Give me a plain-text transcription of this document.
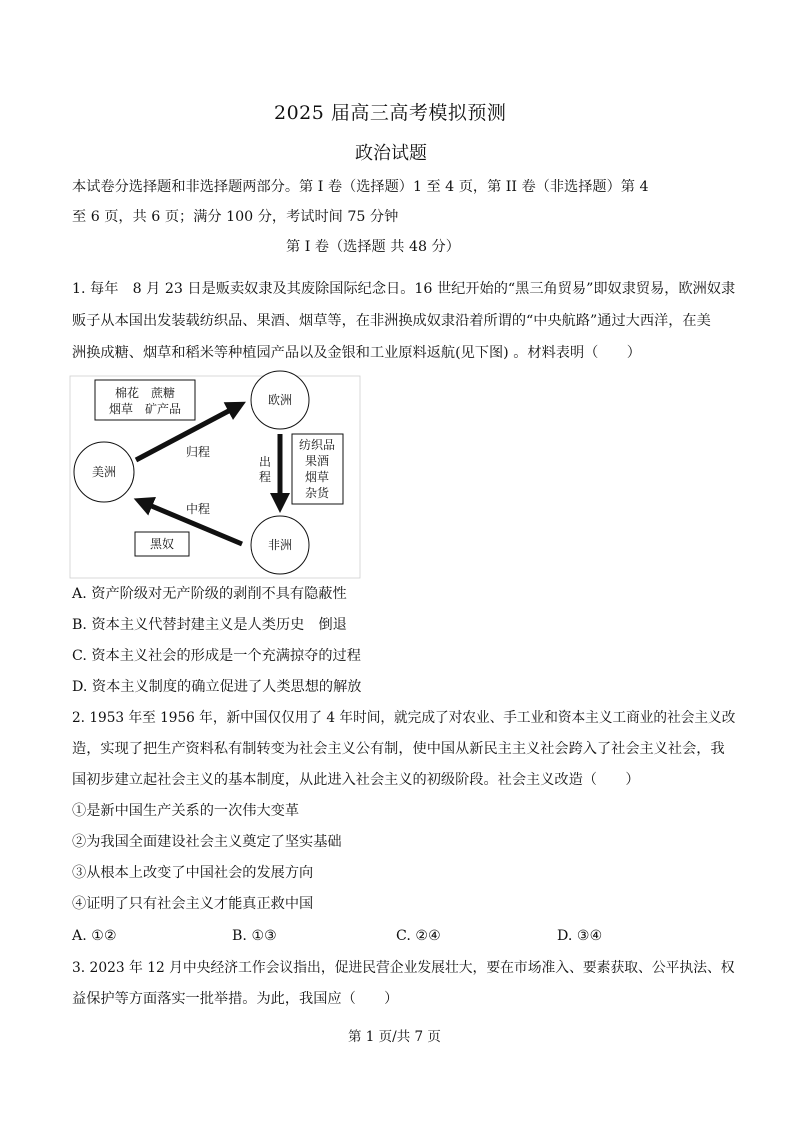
2025 届高三高考模拟预测
政治试题
本试卷分选择题和非选择题两部分。第 I 卷（选择题）1 至 4 页，第 II 卷（非选择题）第 4
至 6 页，共 6 页；满分 100 分，考试时间 75 分钟
第 I 卷（选择题 共 48 分）
1. 每年　8 月 23 日是贩卖奴隶及其废除国际纪念日。16 世纪开始的“黑三角贸易”即奴隶贸易，欧洲奴隶
贩子从本国出发装载纺织品、果酒、烟草等，在非洲换成奴隶沿着所谓的“中央航路”通过大西洋，在美
洲换成糖、烟草和稻米等种植园产品以及金银和工业原料返航(见下图) 。材料表明（　　）
美洲
欧洲
非洲
棉花　蔗糖
烟草　矿产品
纺织品
果酒
烟草
杂货
黑奴
归程
出
程
中程
A. 资产阶级对无产阶级的剥削不具有隐蔽性
B. 资本主义代替封建主义是人类历史　倒退
C. 资本主义社会的形成是一个充满掠夺的过程
D. 资本主义制度的确立促进了人类思想的解放
2. 1953 年至 1956 年，新中国仅仅用了 4 年时间，就完成了对农业、手工业和资本主义工商业的社会主义改
造，实现了把生产资料私有制转变为社会主义公有制，使中国从新民主主义社会跨入了社会主义社会，我
国初步建立起社会主义的基本制度，从此进入社会主义的初级阶段。社会主义改造（　　）
①是新中国生产关系的一次伟大变革
②为我国全面建设社会主义奠定了坚实基础
③从根本上改变了中国社会的发展方向
④证明了只有社会主义才能真正救中国
A. ①②	B. ①③	C. ②④	D. ③④
3. 2023 年 12 月中央经济工作会议指出，促进民营企业发展壮大，要在市场准入、要素获取、公平执法、权
益保护等方面落实一批举措。为此，我国应（　　）
第 1 页/共 7 页
